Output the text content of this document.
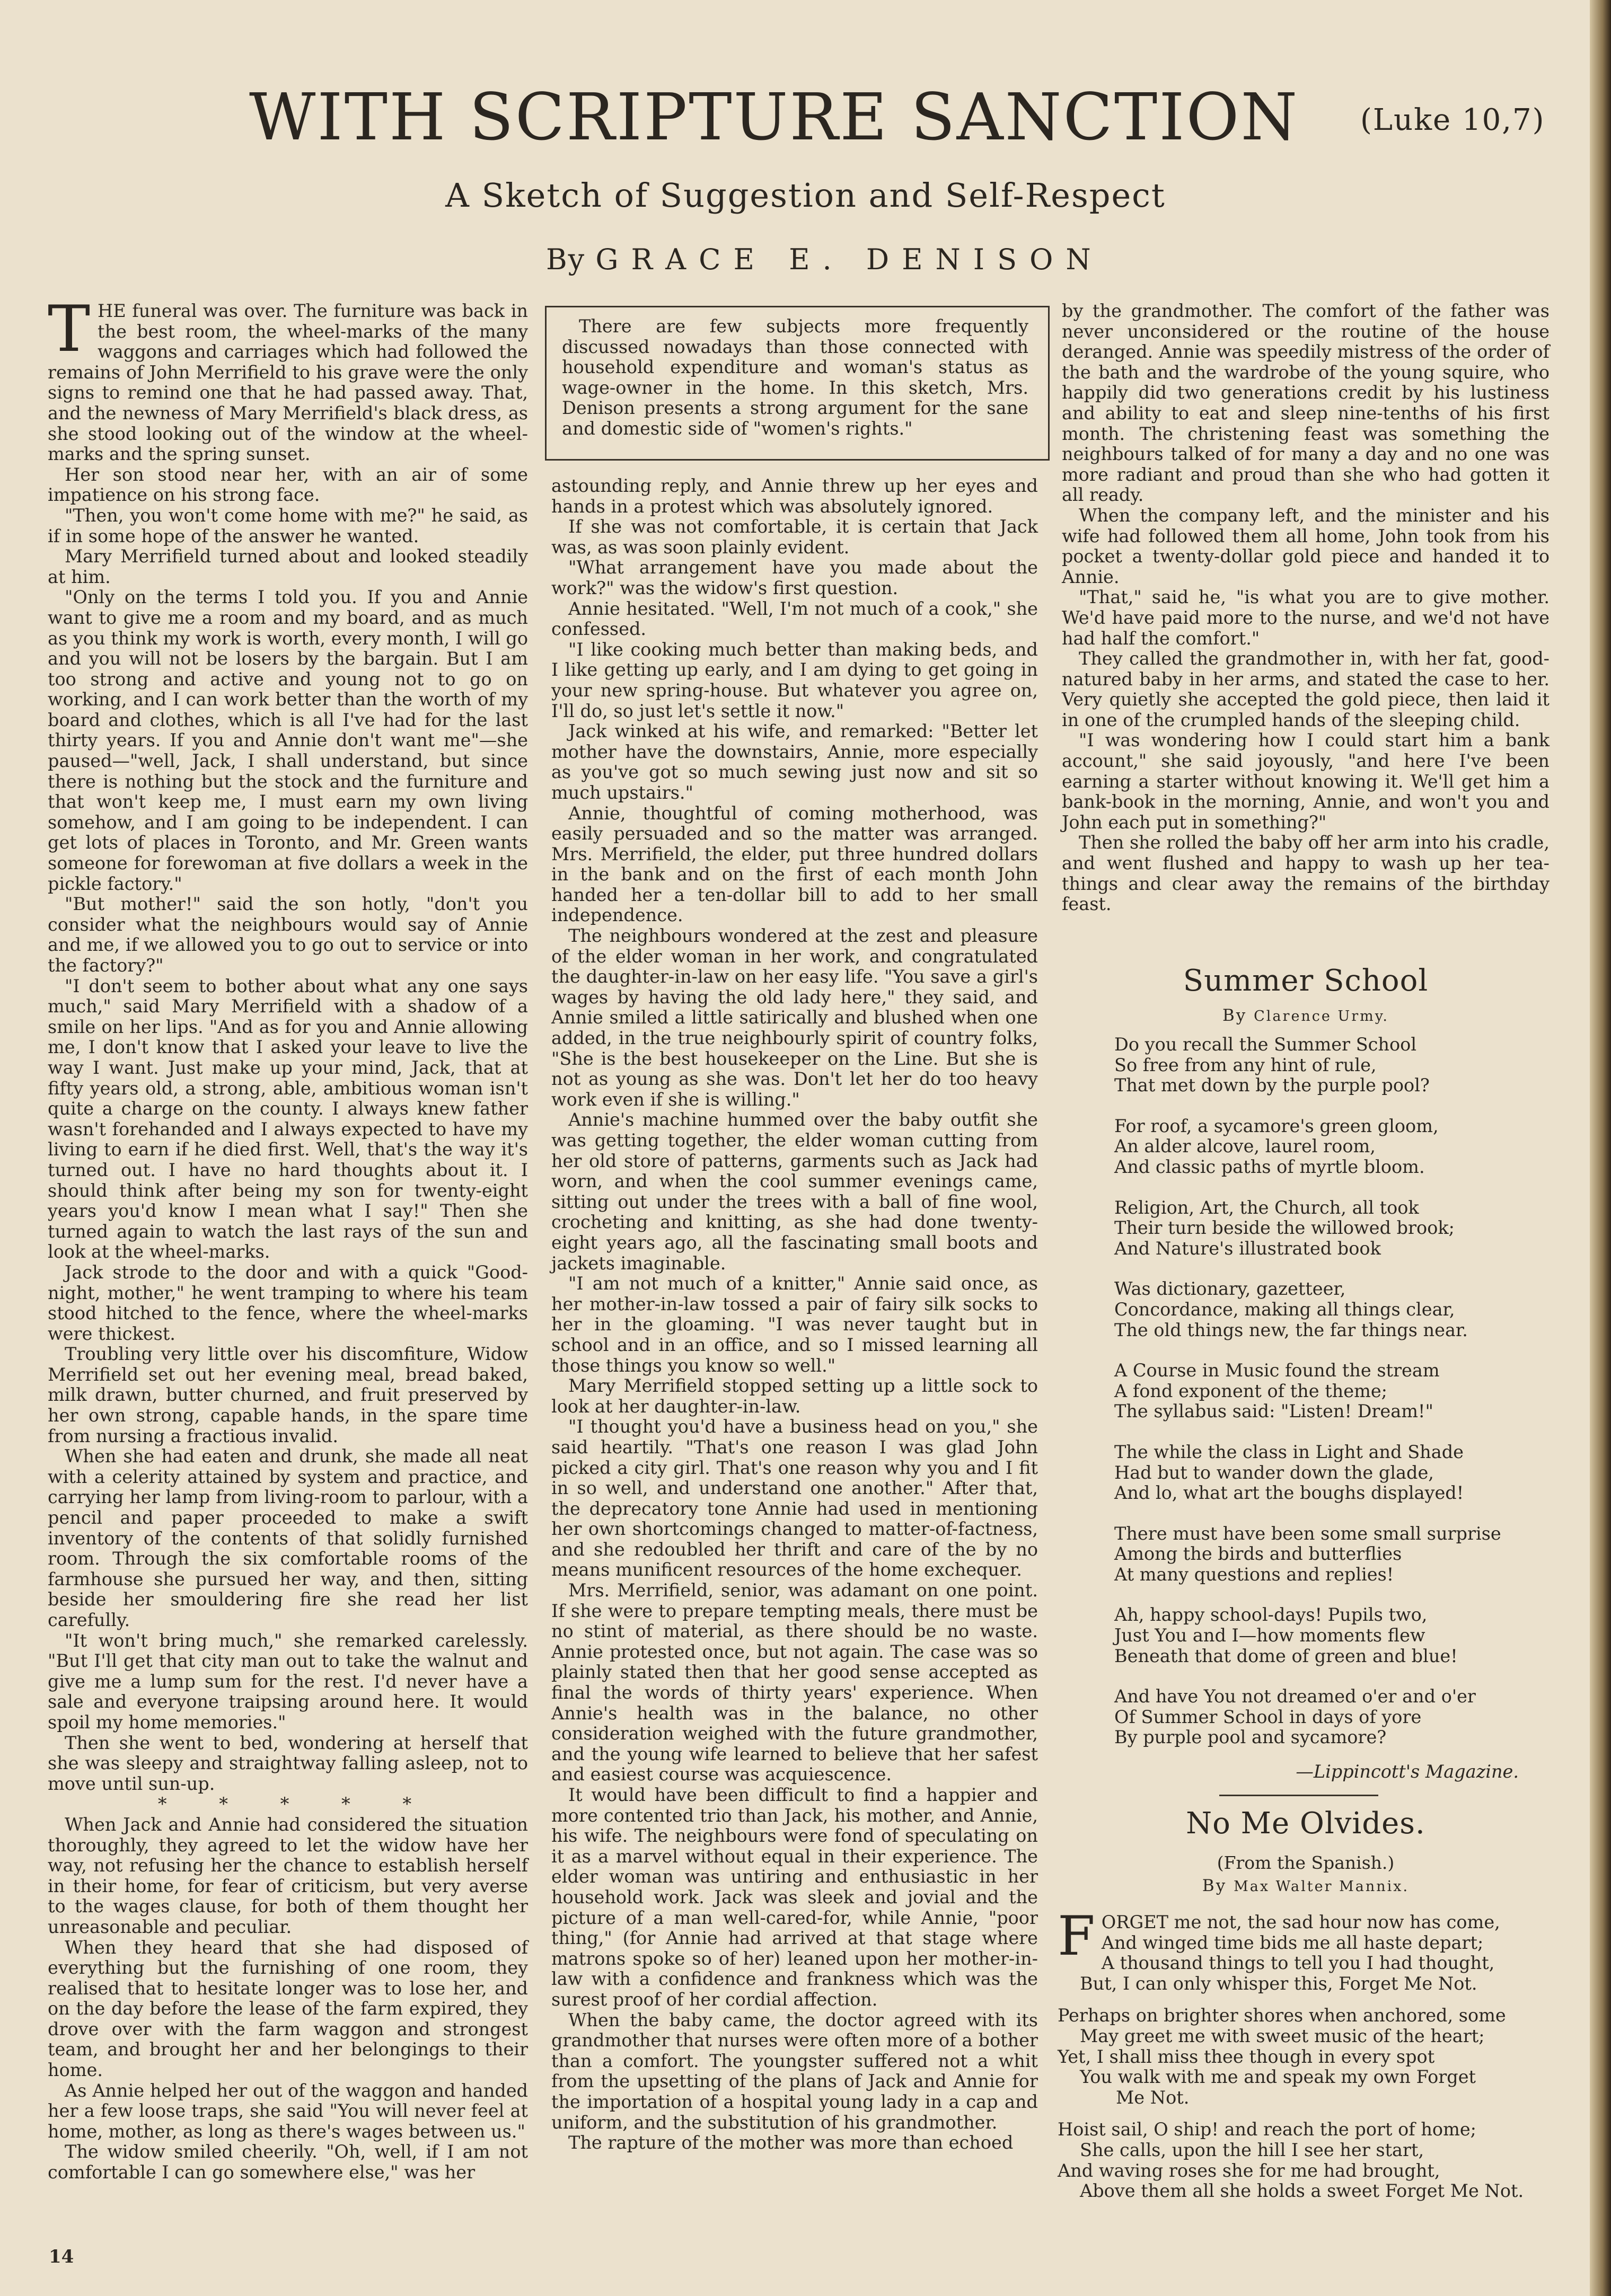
WITH SCRIPTURE SANCTION (Luke 10,7)
A Sketch of Suggestion and Self-Respect
By GRACE E. DENISON

THE funeral was over. The furniture was back in the best room, the wheel-marks of the many waggons and carriages which had followed the remains of John Merrifield to his grave were the only signs to remind one that he had passed away. That, and the newness of Mary Merrifield's black dress, as she stood looking out of the window at the wheel-marks and the spring sunset.

Her son stood near her, with an air of some impatience on his strong face.

"Then, you won't come home with me?" he said, as if in some hope of the answer he wanted.

Mary Merrifield turned about and looked steadily at him.

"Only on the terms I told you. If you and Annie want to give me a room and my board, and as much as you think my work is worth, every month, I will go and you will not be losers by the bargain. But I am too strong and active and young not to go on working, and I can work better than the worth of my board and clothes, which is all I've had for the last thirty years. If you and Annie don't want me"—she paused—"well, Jack, I shall understand, but since there is nothing but the stock and the furniture and that won't keep me, I must earn my own living somehow, and I am going to be independent. I can get lots of places in Toronto, and Mr. Green wants someone for forewoman at five dollars a week in the pickle factory."

"But mother!" said the son hotly, "don't you consider what the neighbours would say of Annie and me, if we allowed you to go out to service or into the factory?"

"I don't seem to bother about what any one says much," said Mary Merrifield with a shadow of a smile on her lips. "And as for you and Annie allowing me, I don't know that I asked your leave to live the way I want. Just make up your mind, Jack, that at fifty years old, a strong, able, ambitious woman isn't quite a charge on the county. I always knew father wasn't forehanded and I always expected to have my living to earn if he died first. Well, that's the way it's turned out. I have no hard thoughts about it. I should think after being my son for twenty-eight years you'd know I mean what I say!" Then she turned again to watch the last rays of the sun and look at the wheel-marks.

Jack strode to the door and with a quick "Good-night, mother," he went tramping to where his team stood hitched to the fence, where the wheel-marks were thickest.

Troubling very little over his discomfiture, Widow Merrifield set out her evening meal, bread baked, milk drawn, butter churned, and fruit preserved by her own strong, capable hands, in the spare time from nursing a fractious invalid.

When she had eaten and drunk, she made all neat with a celerity attained by system and practice, and carrying her lamp from living-room to parlour, with a pencil and paper proceeded to make a swift inventory of the contents of that solidly furnished room. Through the six comfortable rooms of the farmhouse she pursued her way, and then, sitting beside her smouldering fire she read her list carefully.

"It won't bring much," she remarked carelessly. "But I'll get that city man out to take the walnut and give me a lump sum for the rest. I'd never have a sale and everyone traipsing around here. It would spoil my home memories."

Then she went to bed, wondering at herself that she was sleepy and straightway falling asleep, not to move until sun-up.

* * * * *

When Jack and Annie had considered the situation thoroughly, they agreed to let the widow have her way, not refusing her the chance to establish herself in their home, for fear of criticism, but very averse to the wages clause, for both of them thought her unreasonable and peculiar.

When they heard that she had disposed of everything but the furnishing of one room, they realised that to hesitate longer was to lose her, and on the day before the lease of the farm expired, they drove over with the farm waggon and strongest team, and brought her and her belongings to their home.

As Annie helped her out of the waggon and handed her a few loose traps, she said "You will never feel at home, mother, as long as there's wages between us."

The widow smiled cheerily. "Oh, well, if I am not comfortable I can go somewhere else," was her

There are few subjects more frequently discussed nowadays than those connected with household expenditure and woman's status as wage-owner in the home. In this sketch, Mrs. Denison presents a strong argument for the sane and domestic side of "women's rights."

astounding reply, and Annie threw up her eyes and hands in a protest which was absolutely ignored.

If she was not comfortable, it is certain that Jack was, as was soon plainly evident.

"What arrangement have you made about the work?" was the widow's first question.

Annie hesitated. "Well, I'm not much of a cook," she confessed.

"I like cooking much better than making beds, and I like getting up early, and I am dying to get going in your new spring-house. But whatever you agree on, I'll do, so just let's settle it now."

Jack winked at his wife, and remarked: "Better let mother have the downstairs, Annie, more especially as you've got so much sewing just now and sit so much upstairs."

Annie, thoughtful of coming motherhood, was easily persuaded and so the matter was arranged. Mrs. Merrifield, the elder, put three hundred dollars in the bank and on the first of each month John handed her a ten-dollar bill to add to her small independence.

The neighbours wondered at the zest and pleasure of the elder woman in her work, and congratulated the daughter-in-law on her easy life. "You save a girl's wages by having the old lady here," they said, and Annie smiled a little satirically and blushed when one added, in the true neighbourly spirit of country folks, "She is the best housekeeper on the Line. But she is not as young as she was. Don't let her do too heavy work even if she is willing."

Annie's machine hummed over the baby outfit she was getting together, the elder woman cutting from her old store of patterns, garments such as Jack had worn, and when the cool summer evenings came, sitting out under the trees with a ball of fine wool, crocheting and knitting, as she had done twenty-eight years ago, all the fascinating small boots and jackets imaginable.

"I am not much of a knitter," Annie said once, as her mother-in-law tossed a pair of fairy silk socks to her in the gloaming. "I was never taught but in school and in an office, and so I missed learning all those things you know so well."

Mary Merrifield stopped setting up a little sock to look at her daughter-in-law.

"I thought you'd have a business head on you," she said heartily. "That's one reason I was glad John picked a city girl. That's one reason why you and I fit in so well, and understand one another." After that, the deprecatory tone Annie had used in mentioning her own shortcomings changed to matter-of-factness, and she redoubled her thrift and care of the by no means munificent resources of the home exchequer.

Mrs. Merrifield, senior, was adamant on one point. If she were to prepare tempting meals, there must be no stint of material, as there should be no waste. Annie protested once, but not again. The case was so plainly stated then that her good sense accepted as final the words of thirty years' experience. When Annie's health was in the balance, no other consideration weighed with the future grandmother, and the young wife learned to believe that her safest and easiest course was acquiescence.

It would have been difficult to find a happier and more contented trio than Jack, his mother, and Annie, his wife. The neighbours were fond of speculating on it as a marvel without equal in their experience. The elder woman was untiring and enthusiastic in her household work. Jack was sleek and jovial and the picture of a man well-cared-for, while Annie, "poor thing," (for Annie had arrived at that stage where matrons spoke so of her) leaned upon her mother-in-law with a confidence and frankness which was the surest proof of her cordial affection.

When the baby came, the doctor agreed with its grandmother that nurses were often more of a bother than a comfort. The youngster suffered not a whit from the upsetting of the plans of Jack and Annie for the importation of a hospital young lady in a cap and uniform, and the substitution of his grandmother.

The rapture of the mother was more than echoed

by the grandmother. The comfort of the father was never unconsidered or the routine of the house deranged. Annie was speedily mistress of the order of the bath and the wardrobe of the young squire, who happily did two generations credit by his lustiness and ability to eat and sleep nine-tenths of his first month. The christening feast was something the neighbours talked of for many a day and no one was more radiant and proud than she who had gotten it all ready.

When the company left, and the minister and his wife had followed them all home, John took from his pocket a twenty-dollar gold piece and handed it to Annie.

"That," said he, "is what you are to give mother. We'd have paid more to the nurse, and we'd not have had half the comfort."

They called the grandmother in, with her fat, good-natured baby in her arms, and stated the case to her. Very quietly she accepted the gold piece, then laid it in one of the crumpled hands of the sleeping child.

"I was wondering how I could start him a bank account," she said joyously, "and here I've been earning a starter without knowing it. We'll get him a bank-book in the morning, Annie, and won't you and John each put in something?"

Then she rolled the baby off her arm into his cradle, and went flushed and happy to wash up her tea-things and clear away the remains of the birthday feast.

Summer School
By Clarence Urmy.
Do you recall the Summer School
So free from any hint of rule,
That met down by the purple pool?
For roof, a sycamore's green gloom,
An alder alcove, laurel room,
And classic paths of myrtle bloom.
Religion, Art, the Church, all took
Their turn beside the willowed brook;
And Nature's illustrated book
Was dictionary, gazetteer,
Concordance, making all things clear,
The old things new, the far things near.
A Course in Music found the stream
A fond exponent of the theme;
The syllabus said: "Listen! Dream!"
The while the class in Light and Shade
Had but to wander down the glade,
And lo, what art the boughs displayed!
There must have been some small surprise
Among the birds and butterflies
At many questions and replies!
Ah, happy school-days! Pupils two,
Just You and I—how moments flew
Beneath that dome of green and blue!
And have You not dreamed o'er and o'er
Of Summer School in days of yore
By purple pool and sycamore?
—Lippincott's Magazine.
No Me Olvides.
(From the Spanish.)
By Max Walter Mannix.
F ORGET me not, the sad hour now has come,
And winged time bids me all haste depart;
A thousand things to tell you I had thought,
But, I can only whisper this, Forget Me Not.
Perhaps on brighter shores when anchored, some
May greet me with sweet music of the heart;
Yet, I shall miss thee though in every spot
You walk with me and speak my own Forget
Me Not.
Hoist sail, O ship! and reach the port of home;
She calls, upon the hill I see her start,
And waving roses she for me had brought,
Above them all she holds a sweet Forget Me Not.
14
